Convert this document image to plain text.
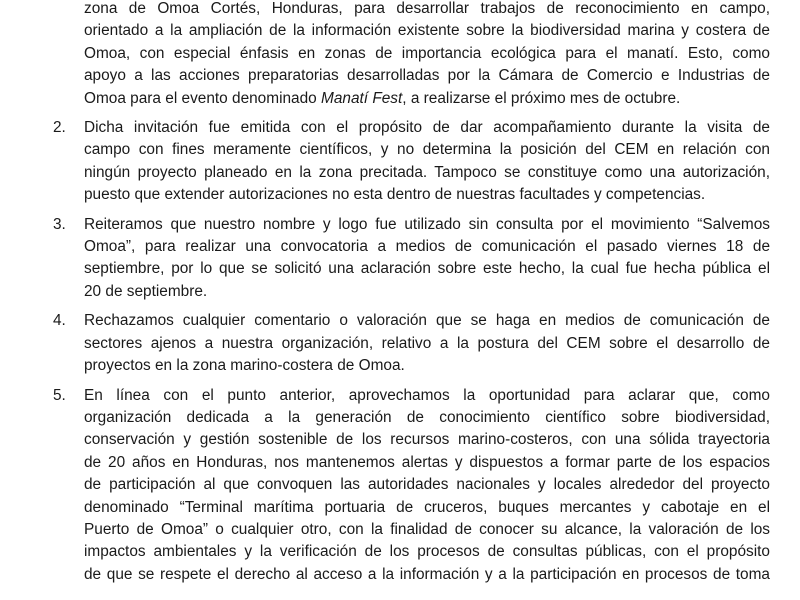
zona de Omoa Cortés, Honduras, para desarrollar trabajos de reconocimiento en campo,
orientado a la ampliación de la información existente sobre la biodiversidad marina y costera de
Omoa, con especial énfasis en zonas de importancia ecológica para el manatí. Esto, como
apoyo a las acciones preparatorias desarrolladas por la Cámara de Comercio e Industrias de
Omoa para el evento denominado Manatí Fest, a realizarse el próximo mes de octubre.
2. Dicha invitación fue emitida con el propósito de dar acompañamiento durante la visita de
campo con fines meramente científicos, y no determina la posición del CEM en relación con
ningún proyecto planeado en la zona precitada. Tampoco se constituye como una autorización,
puesto que extender autorizaciones no esta dentro de nuestras facultades y competencias.
3. Reiteramos que nuestro nombre y logo fue utilizado sin consulta por el movimiento “Salvemos
Omoa”, para realizar una convocatoria a medios de comunicación el pasado viernes 18 de
septiembre, por lo que se solicitó una aclaración sobre este hecho, la cual fue hecha pública el
20 de septiembre.
4. Rechazamos cualquier comentario o valoración que se haga en medios de comunicación de
sectores ajenos a nuestra organización, relativo a la postura del CEM sobre el desarrollo de
proyectos en la zona marino-costera de Omoa.
5. En línea con el punto anterior, aprovechamos la oportunidad para aclarar que, como
organización dedicada a la generación de conocimiento científico sobre biodiversidad,
conservación y gestión sostenible de los recursos marino-costeros, con una sólida trayectoria
de 20 años en Honduras, nos mantenemos alertas y dispuestos a formar parte de los espacios
de participación al que convoquen las autoridades nacionales y locales alrededor del proyecto
denominado “Terminal marítima portuaria de cruceros, buques mercantes y cabotaje en el
Puerto de Omoa” o cualquier otro, con la finalidad de conocer su alcance, la valoración de los
impactos ambientales y la verificación de los procesos de consultas públicas, con el propósito
de que se respete el derecho al acceso a la información y a la participación en procesos de toma
